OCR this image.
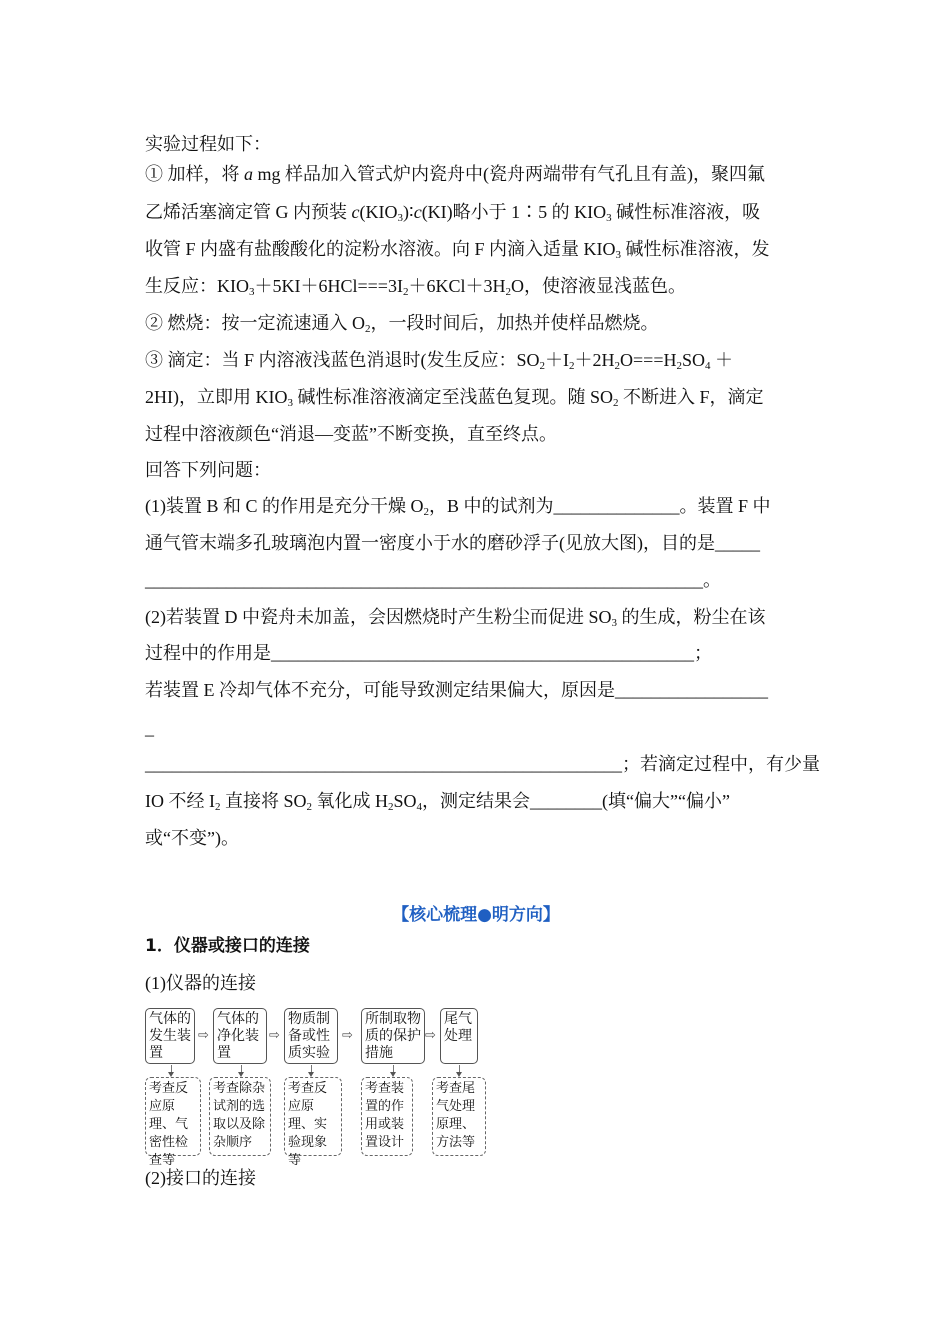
实验过程如下：
① 加样，将 a mg 样品加入管式炉内瓷舟中(瓷舟两端带有气孔且有盖)，聚四氟
乙烯活塞滴定管 G 内预装 $c(KIO_3)∶c(KI)$略小于 1∶5 的 $KIO_3$ 碱性标准溶液，吸
收管 F 内盛有盐酸酸化的淀粉水溶液。向 F 内滴入适量 $KIO_3$ 碱性标准溶液，发
生反应：$KIO_3+5KI+6HCl===3I_2+6KCl+3H_2O$，使溶液显浅蓝色。
② 燃烧：按一定流速通入 $O_2$，一段时间后，加热并使样品燃烧。
③ 滴定：当 F 内溶液浅蓝色消退时(发生反应：$SO_2+I_2+2H_2O===H_2SO_4$ ＋
2HI)，立即用 $KIO_3$ 碱性标准溶液滴定至浅蓝色复现。随 $SO_2$ 不断进入 F，滴定
过程中溶液颜色“消退—变蓝”不断变换，直至终点。
回答下列问题：
(1)装置 B 和 C 的作用是充分干燥 $O_2$，B 中的试剂为______________。装置 F 中
通气管末端多孔玻璃泡内置一密度小于水的磨砂浮子(见放大图)，目的是_____
______________________________________________________________。
(2)若装置 D 中瓷舟未加盖，会因燃烧时产生粉尘而促进 $SO_3$ 的生成，粉尘在该
过程中的作用是_______________________________________________；
若装置 E 冷却气体不充分，可能导致测定结果偏大，原因是_________________
_
_____________________________________________________；若滴定过程中，有少量
IO 不经 $I_2$ 直接将 $SO_2$ 氧化成 $H_2SO_4$，测定结果会________(填“偏大”“偏小”
或“不变”)。
【核心梳理●明方向】
1．仪器或接口的连接
(1)仪器的连接
气体的发生装置
⇨
气体的净化装置
⇨
物质制备或性质实验
⇨
所制取物质的保护措施
⇨
尾气处理
考查反应原理、气密性检查等
考查除杂试剂的选取以及除杂顺序
考查反应原理、实验现象等
考查装置的作用或装置设计
考查尾气处理原理、方法等
(2)接口的连接
